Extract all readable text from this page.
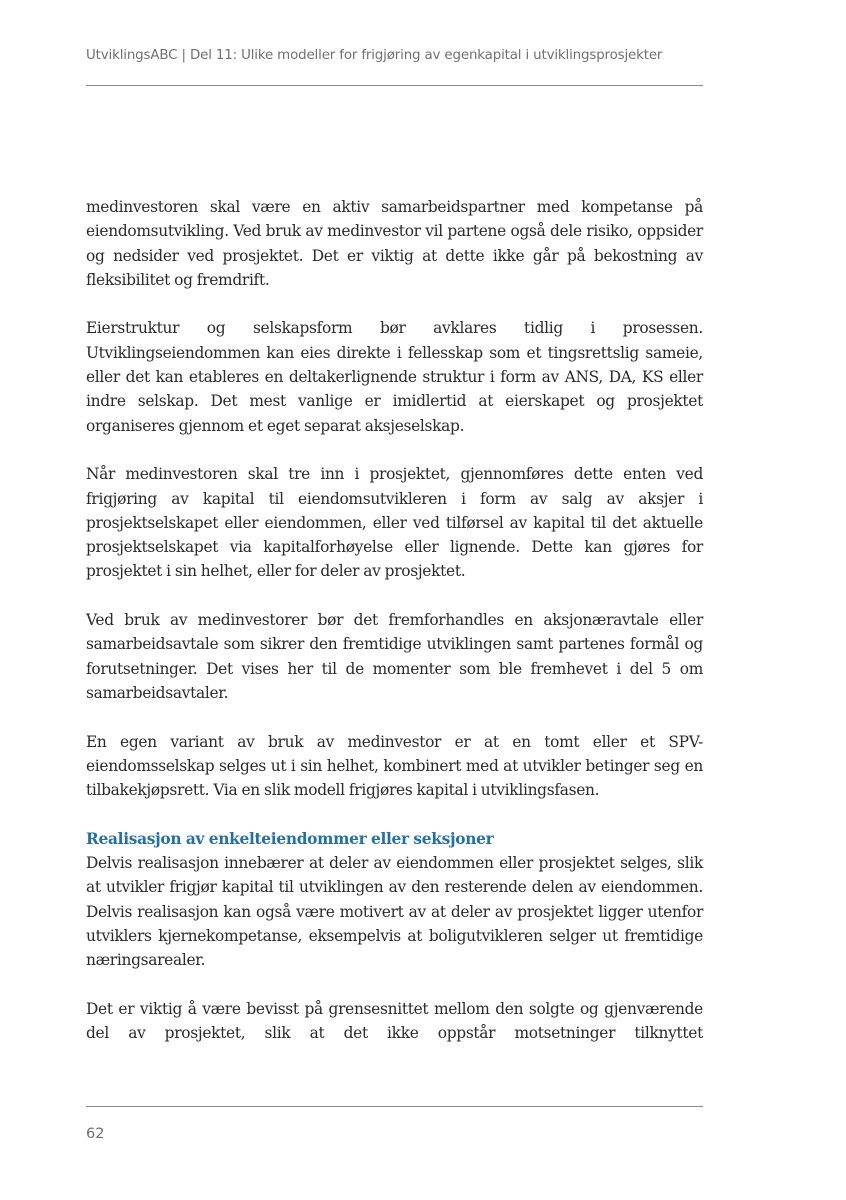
UtviklingsABC | Del 11: Ulike modeller for frigjøring av egenkapital i utviklingsprosjekter

medinvestoren skal være en aktiv samarbeidspartner med kompetanse på eiendomsutvikling. Ved bruk av medinvestor vil partene også dele risiko, oppsider og nedsider ved prosjektet. Det er viktig at dette ikke går på bekostning av fleksibilitet og fremdrift.

Eierstruktur og selskapsform bør avklares tidlig i prosessen. Utviklingseiendommen kan eies direkte i fellesskap som et tingsrettslig sameie, eller det kan etableres en deltakerlignende struktur i form av ANS, DA, KS eller indre selskap. Det mest vanlige er imidlertid at eierskapet og prosjektet organiseres gjennom et eget separat aksjeselskap.

Når medinvestoren skal tre inn i prosjektet, gjennomføres dette enten ved frigjøring av kapital til eiendomsutvikleren i form av salg av aksjer i prosjektselskapet eller eiendommen, eller ved tilførsel av kapital til det aktuelle prosjektselskapet via kapitalforhøyelse eller lignende. Dette kan gjøres for prosjektet i sin helhet, eller for deler av prosjektet.

Ved bruk av medinvestorer bør det fremforhandles en aksjonæravtale eller samarbeidsavtale som sikrer den fremtidige utviklingen samt partenes formål og forutsetninger. Det vises her til de momenter som ble fremhevet i del 5 om samarbeidsavtaler.

En egen variant av bruk av medinvestor er at en tomt eller et SPV-eiendomsselskap selges ut i sin helhet, kombinert med at utvikler betinger seg en tilbakekjøpsrett. Via en slik modell frigjøres kapital i utviklingsfasen.

Realisasjon av enkelteiendommer eller seksjoner

Delvis realisasjon innebærer at deler av eiendommen eller prosjektet selges, slik at utvikler frigjør kapital til utviklingen av den resterende delen av eiendommen. Delvis realisasjon kan også være motivert av at deler av prosjektet ligger utenfor utviklers kjernekompetanse, eksempelvis at boligutvikleren selger ut fremtidige næringsarealer.

Det er viktig å være bevisst på grensesnittet mellom den solgte og gjenværende del av prosjektet, slik at det ikke oppstår motsetninger tilknyttet

62
